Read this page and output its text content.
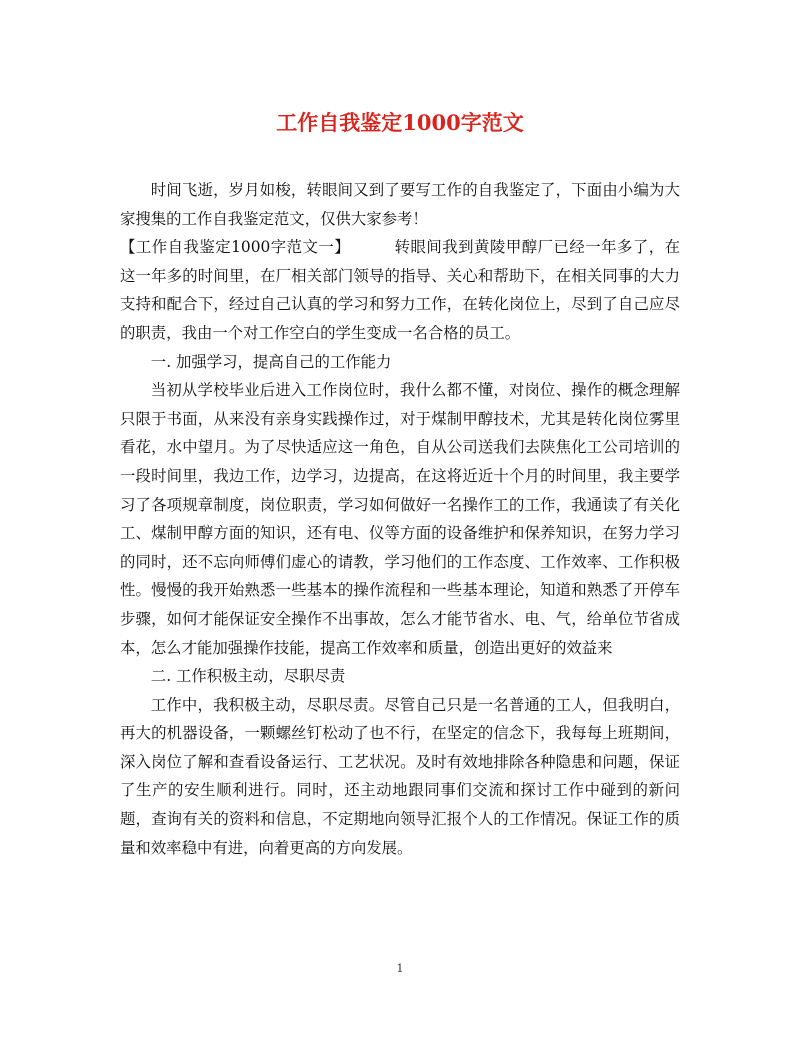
工作自我鉴定1000字范文

时间飞逝，岁月如梭，转眼间又到了要写工作的自我鉴定了，下面由小编为大家搜集的工作自我鉴定范文，仅供大家参考！

【工作自我鉴定1000字范文一】	转眼间我到黄陵甲醇厂已经一年多了，在这一年多的时间里，在厂相关部门领导的指导、关心和帮助下，在相关同事的大力支持和配合下，经过自己认真的学习和努力工作，在转化岗位上，尽到了自己应尽的职责，我由一个对工作空白的学生变成一名合格的员工。

一. 加强学习，提高自己的工作能力

当初从学校毕业后进入工作岗位时，我什么都不懂，对岗位、操作的概念理解只限于书面，从来没有亲身实践操作过，对于煤制甲醇技术，尤其是转化岗位雾里看花，水中望月。为了尽快适应这一角色，自从公司送我们去陕焦化工公司培训的一段时间里，我边工作，边学习，边提高，在这将近近十个月的时间里，我主要学习了各项规章制度，岗位职责，学习如何做好一名操作工的工作，我通读了有关化工、煤制甲醇方面的知识，还有电、仪等方面的设备维护和保养知识，在努力学习的同时，还不忘向师傅们虚心的请教，学习他们的工作态度、工作效率、工作积极性。慢慢的我开始熟悉一些基本的操作流程和一些基本理论，知道和熟悉了开停车步骤，如何才能保证安全操作不出事故，怎么才能节省水、电、气，给单位节省成本，怎么才能加强操作技能，提高工作效率和质量，创造出更好的效益来

二. 工作积极主动，尽职尽责

工作中，我积极主动，尽职尽责。尽管自己只是一名普通的工人，但我明白，再大的机器设备，一颗螺丝钉松动了也不行，在坚定的信念下，我每每上班期间，深入岗位了解和查看设备运行、工艺状况。及时有效地排除各种隐患和问题，保证了生产的安生顺利进行。同时，还主动地跟同事们交流和探讨工作中碰到的新问题，查询有关的资料和信息，不定期地向领导汇报个人的工作情况。保证工作的质量和效率稳中有进，向着更高的方向发展。

1
